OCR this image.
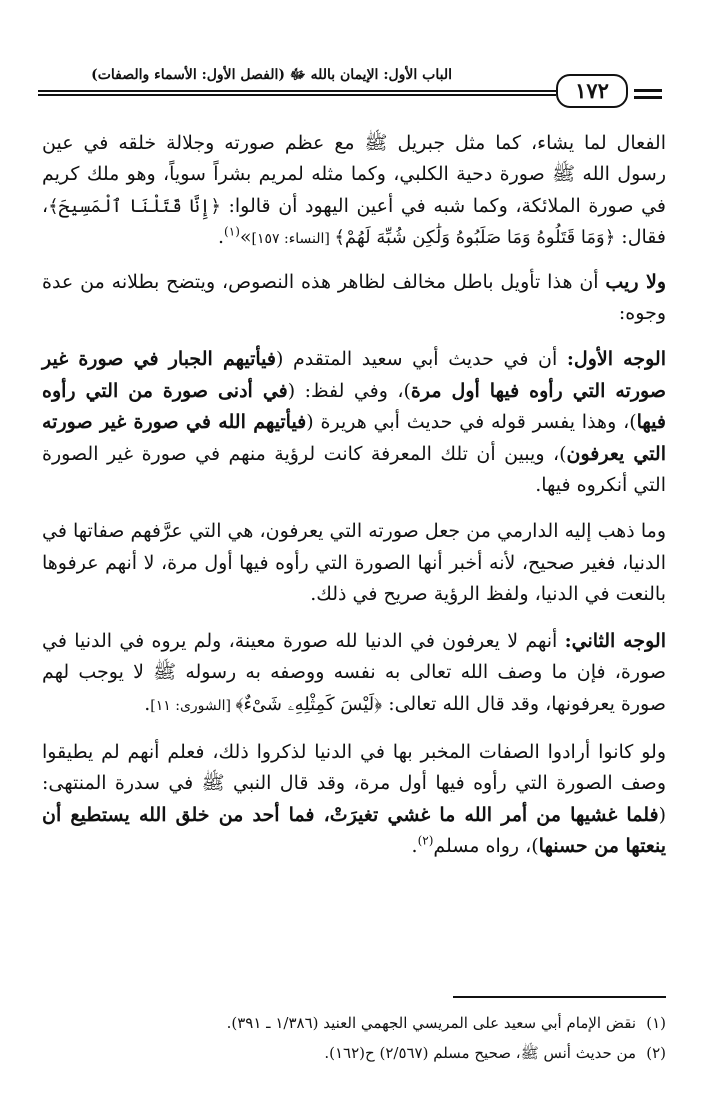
الباب الأول: الإيمان بالله ﷻ (الفصل الأول: الأسماء والصفات)
١٧٢

الفعال لما يشاء، كما مثل جبريل ﷺ مع عظم صورته وجلالة خلقه في عين رسول الله ﷺ صورة دحية الكلبي، وكما مثله لمريم بشراً سوياً، وهو ملك كريم في صورة الملائكة، وكما شبه في أعين اليهود أن قالوا: ﴿إِنَّا قَتَلْنَا ٱلْمَسِيحَ﴾، فقال: ﴿وَمَا قَتَلُوهُ وَمَا صَلَبُوهُ وَلَٰكِن شُبِّهَ لَهُمْ﴾ [النساء: ١٥٧]»$^{(١)}$.

ولا ريب أن هذا تأويل باطل مخالف لظاهر هذه النصوص، ويتضح بطلانه من عدة وجوه:

الوجه الأول: أن في حديث أبي سعيد المتقدم (فيأتيهم الجبار في صورة غير صورته التي رأوه فيها أول مرة)، وفي لفظ: (في أدنى صورة من التي رأوه فيها)، وهذا يفسر قوله في حديث أبي هريرة (فيأتيهم الله في صورة غير صورته التي يعرفون)، ويبين أن تلك المعرفة كانت لرؤية منهم في صورة غير الصورة التي أنكروه فيها.

وما ذهب إليه الدارمي من جعل صورته التي يعرفون، هي التي عرَّفهم صفاتها في الدنيا، فغير صحيح، لأنه أخبر أنها الصورة التي رأوه فيها أول مرة، لا أنهم عرفوها بالنعت في الدنيا، ولفظ الرؤية صريح في ذلك.

الوجه الثاني: أنهم لا يعرفون في الدنيا لله صورة معينة، ولم يروه في الدنيا في صورة، فإن ما وصف الله تعالى به نفسه ووصفه به رسوله ﷺ لا يوجب لهم صورة يعرفونها، وقد قال الله تعالى: ﴿لَيْسَ كَمِثْلِهِۦ شَىْءٌ﴾ [الشورى: ١١].

ولو كانوا أرادوا الصفات المخبر بها في الدنيا لذكروا ذلك، فعلم أنهم لم يطيقوا وصف الصورة التي رأوه فيها أول مرة، وقد قال النبي ﷺ في سدرة المنتهى: (فلما غشيها من أمر الله ما غشي تغيرَتْ، فما أحد من خلق الله يستطيع أن ينعتها من حسنها)، رواه مسلم$^{(٢)}$.

(١)نقض الإمام أبي سعيد على المريسي الجهمي العنيد (١/٣٨٦ ـ ٣٩١).
(٢)من حديث أنس ﷺ، صحيح مسلم (٢/٥٦٧) ح(١٦٢).
